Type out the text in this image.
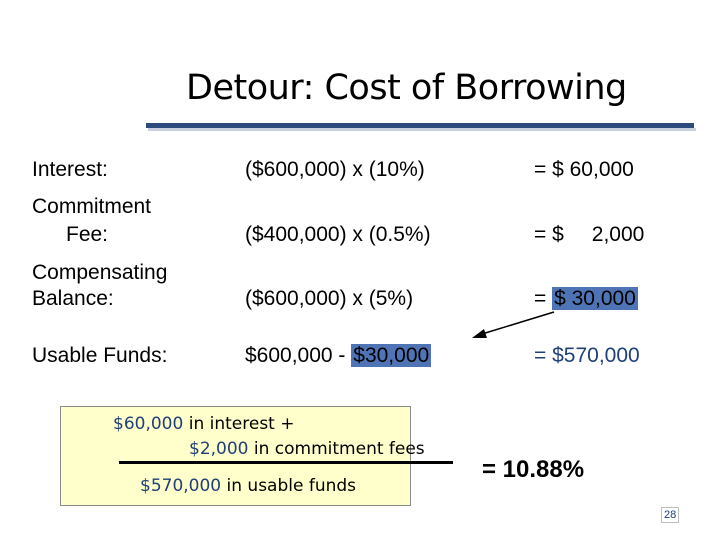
Detour: Cost of Borrowing
Interest:	($600,000) x (10%)	= $ 60,000
Commitment
Fee:	($400,000) x (0.5%)	= $ 2,000
Compensating
Balance:	($600,000) x (5%)	= $ 30,000
Usable Funds:	$600,000 - $30,000	= $570,000
$60,000 in interest +
$2,000 in commitment fees
$570,000 in usable funds
= 10.88%
28
